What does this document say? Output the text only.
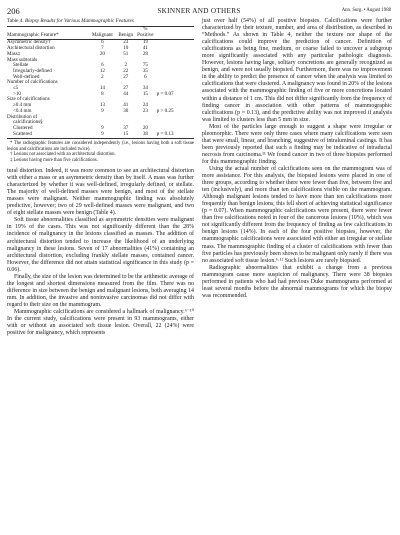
206	SKINNER AND OTHERS	Ann. Surg. • August 1988
Table 4. Biopsy Results for Various Mammographic Features
Mammographic Feature*	Malignant	Benign	% Positive	
Asymmetric density†	6	23	19	
Architectural distortion	7	10	41	
Mass‡	20	51	28	
Mass subtotals				
Stellate	6	2	75	
Irregularly-defined	12	22	35	
Well-defined	2	27	6	
Number of calcifications				
≤5	14	27	34	
>10	8	44	15	p = 0.07
Size of calcifications				
≥0.4 mm	13	41	24	
<0.4 mm	9	30	23	p > 0.25
Distribution of				
calcifications§				
Clustered	9	37	20	
Scattered	9	15	38	p = 0.13

* The radiographic features are considered independently (i.e., lesions having both a soft tissue lesion and calcifications are included twice).

† Lesions not associated with an architectural distortion.

‡ Lesions having more than five calcifications.

tural distortion. Indeed, it was more common to see an architectural distortion with either a mass or an asymmetric density than by itself. A mass was further characterized by whether it was well-defined, irregularly defined, or stellate. The majority of well-defined masses were benign, and most of the stellate masses were malignant. Neither mammographic finding was absolutely predictive, however; two of 29 well-defined masses were malignant, and two of eight stellate masses were benign (Table 4).

Soft tissue abnormalities classified as asymmetric densities were malignant in 19% of the cases. This was not significantly different than the 28% incidence of malignancy in the lesions classified as masses. The addition of architectural distortion tended to increase the likelihood of an underlying malignancy in these lesions. Seven of 17 abnormalities (41%) containing an architectural distortion, excluding frankly stellate masses, contained cancer. However, the difference did not attain statistical significance in this study (p = 0.06).

Finally, the size of the lesion was determined to be the arithmetic average of the longest and shortest dimensions measured from the film. There was no difference in size between the benign and malignant lesions, both averaging 14 mm. In addition, the invasive and noninvasive carcinomas did not differ with regard to their size on the mammogram.

Mammographic calcifications are considered a hallmark of malignancy.⁶⁻¹⁰ In the current study, calcifications were present in 93 mammograms, either with or without an associated soft tissue lesion. Overall, 22 (24%) were positive for malignancy, which represents

just over half (54%) of all positive biopsies. Calcifications were further characterized by their texture, number, and area of distribution, as described in “Methods.” As shown in Table 4, neither the texture nor shape of the calcifications could improve the prediction of cancer. Definition of calcifications as being fine, medium, or coarse failed to uncover a subgroup more significantly associated with any particular pathologic diagnosis. However, lesions having large, solitary concretions are generally recognized as benign, and were not usually biopsied. Furthermore, there was no improvement in the ability to predict the presence of cancer when the analysis was limited to calcifications that were clustered. A malignancy was found in 20% of the lesions associated with the mammographic finding of five or more concretions located within a distance of 1 cm. This did not differ significantly from the frequency of finding cancer in association with other patterns of mammographic calcifications (p = 0.13), and the predictive ability was not improved if analysis was limited to clusters less than 5 mm in size.

Most of the particles large enough to suggest a shape were irregular or pleomorphic. There were only three cases where many calcifications were seen that were small, linear, and branching, suggestive of intraluminal castings. It has been previously reported that such a finding may be indicative of intraductal necrosis from carcinoma.¹¹ We found cancer in two of three biopsies performed for this mammographic finding.

Using the actual number of calcifications seen on the mammogram was of more assistance. For this analysis, the biopsied lesions were placed in one of three groups, according to whether there were fewer than five, between five and ten (inclusively), and more than ten calcifications visible on the mammogram. Although malignant lesions tended to have more than ten calcifications more frequently than benign lesions, this fell short of achieving statistical significance (p = 0.07). When mammographic calcifications were present, there were fewer than five calcifications noted in four of the cancerous lesions (10%), which was not significantly different from the frequency of finding as few calcifications in benign lesions (14%). In each of the four positive biopsies, however, the mammographic calcifications were associated with either an irregular or stellate mass. The mammographic finding of a cluster of calcifications with fewer than five particles has previously been shown to be malignant only rarely if there was no associated soft tissue lesion.⁶·¹² Such lesions are rarely biopsied.

Radiographic abnormalities that exhibit a change from a previous mammogram cause more suspicion of malignancy. There were 38 biopsies performed in patients who had had previous Duke mammograms performed at least several months before the abnormal mammograms for which the biopsy was recommended.
